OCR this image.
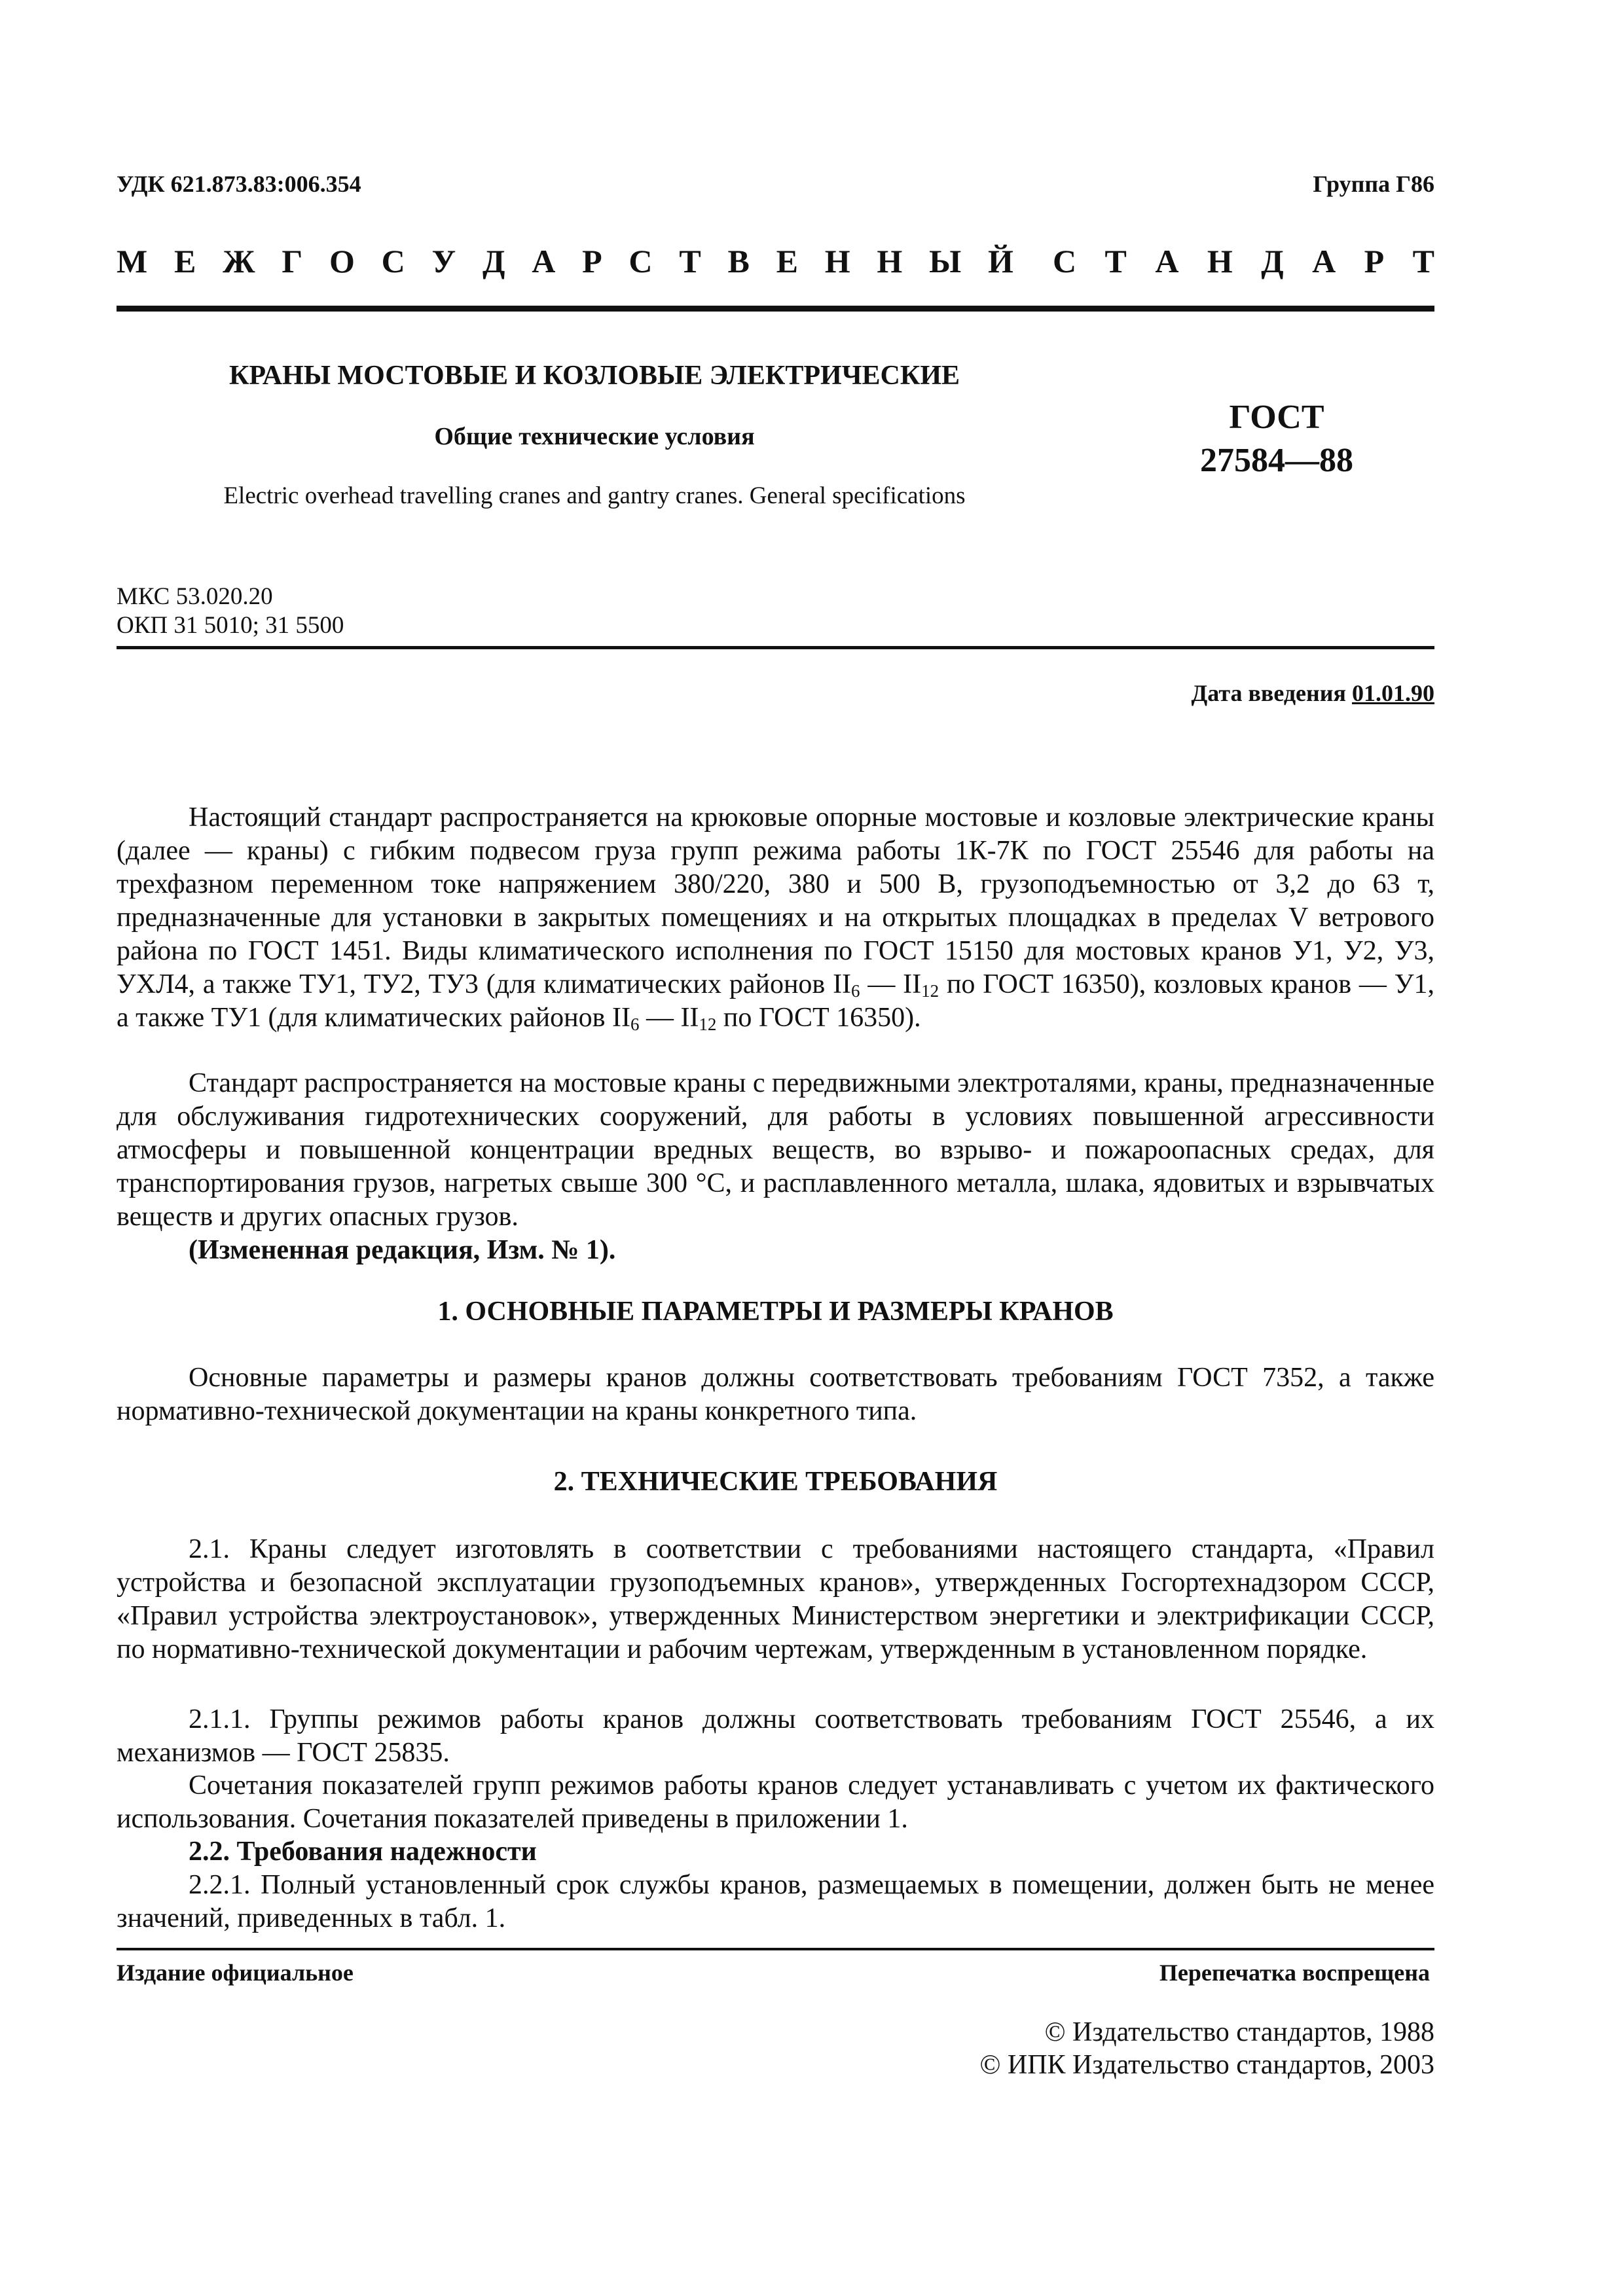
УДК 621.873.83:006.354	Группа Г86
М Е Ж Г О С У Д А Р С Т В Е Н Н Ы Й С Т А Н Д А Р Т
КРАНЫ МОСТОВЫЕ И КОЗЛОВЫЕ ЭЛЕКТРИЧЕСКИЕ
Общие технические условия
Electric overhead travelling cranes and gantry cranes. General specifications
ГОСТ
27584—88
МКС 53.020.20
ОКП 31 5010; 31 5500
Дата введения 01.01.90
Настоящий стандарт распространяется на крюковые опорные мостовые и козловые электрические краны (далее — краны) с гибким подвесом груза групп режима работы 1К-7К по ГОСТ 25546 для работы на трехфазном переменном токе напряжением 380/220, 380 и 500 В, грузоподъемностью от 3,2 до 63 т, предназначенные для установки в закрытых помещениях и на открытых площадках в пределах V ветрового района по ГОСТ 1451. Виды климатического исполнения по ГОСТ 15150 для мостовых кранов У1, У2, У3, УХЛ4, а также ТУ1, ТУ2, ТУ3 (для климатических районов $II_6$ — $II_{12}$ по ГОСТ 16350), козловых кранов — У1, а также ТУ1 (для климатических районов $II_6$ — $II_{12}$ по ГОСТ 16350).
Стандарт распространяется на мостовые краны с передвижными электроталями, краны, предназначенные для обслуживания гидротехнических сооружений, для работы в условиях повышенной агрессивности атмосферы и повышенной концентрации вредных веществ, во взрыво- и пожароопасных средах, для транспортирования грузов, нагретых свыше 300 °С, и расплавленного металла, шлака, ядовитых и взрывчатых веществ и других опасных грузов.
(Измененная редакция, Изм. № 1).
1. ОСНОВНЫЕ ПАРАМЕТРЫ И РАЗМЕРЫ КРАНОВ
Основные параметры и размеры кранов должны соответствовать требованиям ГОСТ 7352, а также нормативно-технической документации на краны конкретного типа.
2. ТЕХНИЧЕСКИЕ ТРЕБОВАНИЯ
2.1. Краны следует изготовлять в соответствии с требованиями настоящего стандарта, «Правил устройства и безопасной эксплуатации грузоподъемных кранов», утвержденных Госгортехнадзором СССР, «Правил устройства электроустановок», утвержденных Министерством энергетики и электрификации СССР, по нормативно-технической документации и рабочим чертежам, утвержденным в установленном порядке.
2.1.1. Группы режимов работы кранов должны соответствовать требованиям ГОСТ 25546, а их механизмов — ГОСТ 25835.
Сочетания показателей групп режимов работы кранов следует устанавливать с учетом их фактического использования. Сочетания показателей приведены в приложении 1.
2.2. Требования надежности
2.2.1. Полный установленный срок службы кранов, размещаемых в помещении, должен быть не менее значений, приведенных в табл. 1.
Издание официальное	Перепечатка воспрещена
© Издательство стандартов, 1988
© ИПК Издательство стандартов, 2003
